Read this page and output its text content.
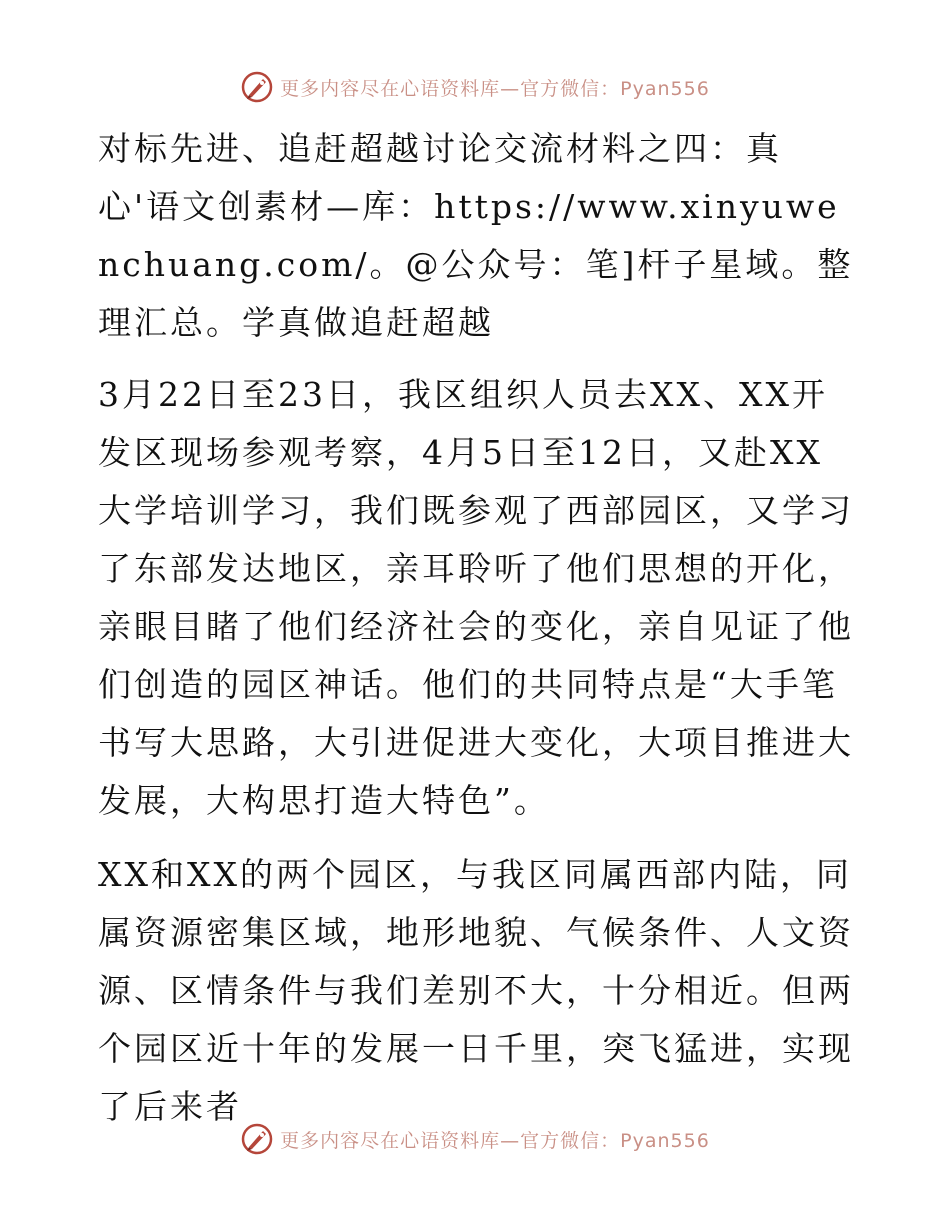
更多内容尽在心语资料库—官方微信：Pyan556

对标先进、追赶超越讨论交流材料之四：真心'语文创素材—库：https://www.xinyuwenchuang.com/。@公众号：笔]杆子星域。整理汇总。学真做追赶超越

3月22日至23日，我区组织人员去XX、XX开发区现场参观考察，4月5日至12日，又赴XX大学培训学习，我们既参观了西部园区，又学习了东部发达地区，亲耳聆听了他们思想的开化，亲眼目睹了他们经济社会的变化，亲自见证了他们创造的园区神话。他们的共同特点是“大手笔书写大思路，大引进促进大变化，大项目推进大发展，大构思打造大特色”。

XX和XX的两个园区，与我区同属西部内陆，同属资源密集区域，地形地貌、气候条件、人文资源、区情条件与我们差别不大，十分相近。但两个园区近十年的发展一日千里，突飞猛进，实现了后来者

更多内容尽在心语资料库—官方微信：Pyan556
